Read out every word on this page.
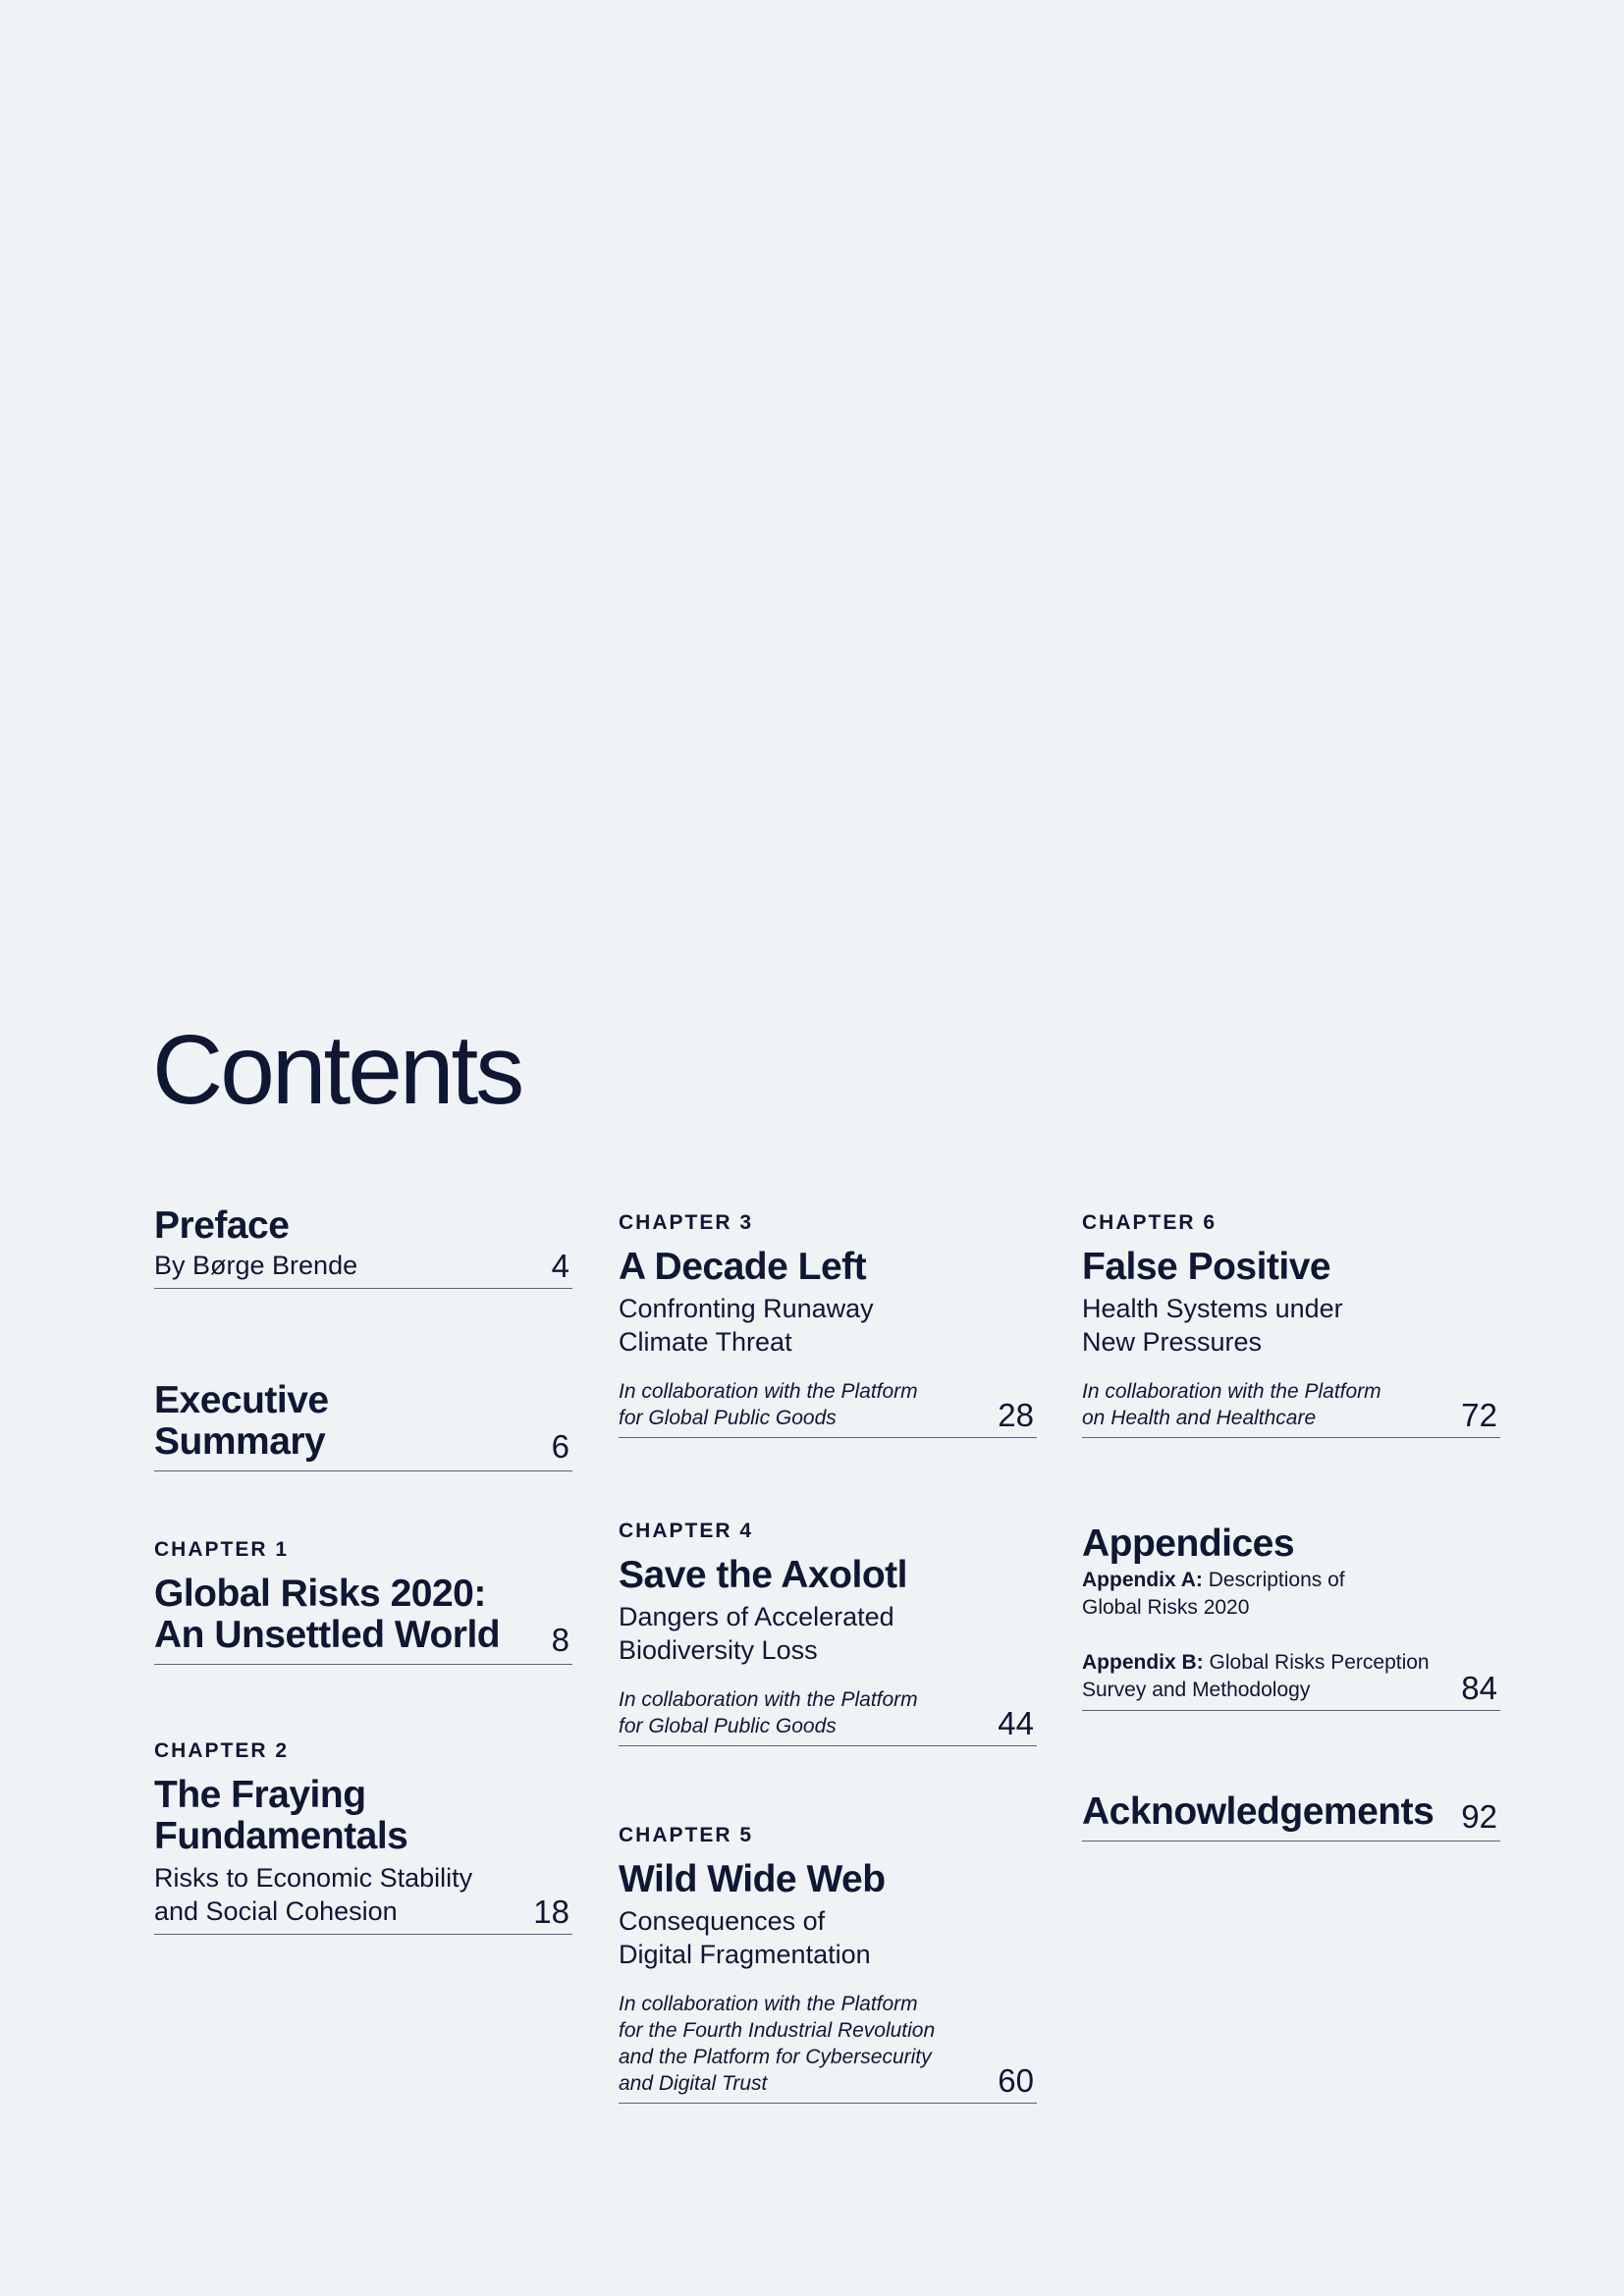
Contents

Preface

By Børge Brende	4

Executive

Summary	6

CHAPTER 1

Global Risks 2020:

An Unsettled World	8

CHAPTER 2

The Fraying

Fundamentals

Risks to Economic Stability

and Social Cohesion	18

CHAPTER 3

A Decade Left

Confronting Runaway

Climate Threat

In collaboration with the Platform

for Global Public Goods	28

CHAPTER 4

Save the Axolotl

Dangers of Accelerated

Biodiversity Loss

In collaboration with the Platform

for Global Public Goods	44

CHAPTER 5

Wild Wide Web

Consequences of

Digital Fragmentation

In collaboration with the Platform

for the Fourth Industrial Revolution

and the Platform for Cybersecurity

and Digital Trust	60

CHAPTER 6

False Positive

Health Systems under

New Pressures

In collaboration with the Platform

on Health and Healthcare	72

Appendices

Appendix A: Descriptions of
Global Risks 2020

Appendix B: Global Risks Perception
Survey and Methodology	84

Acknowledgements 92
